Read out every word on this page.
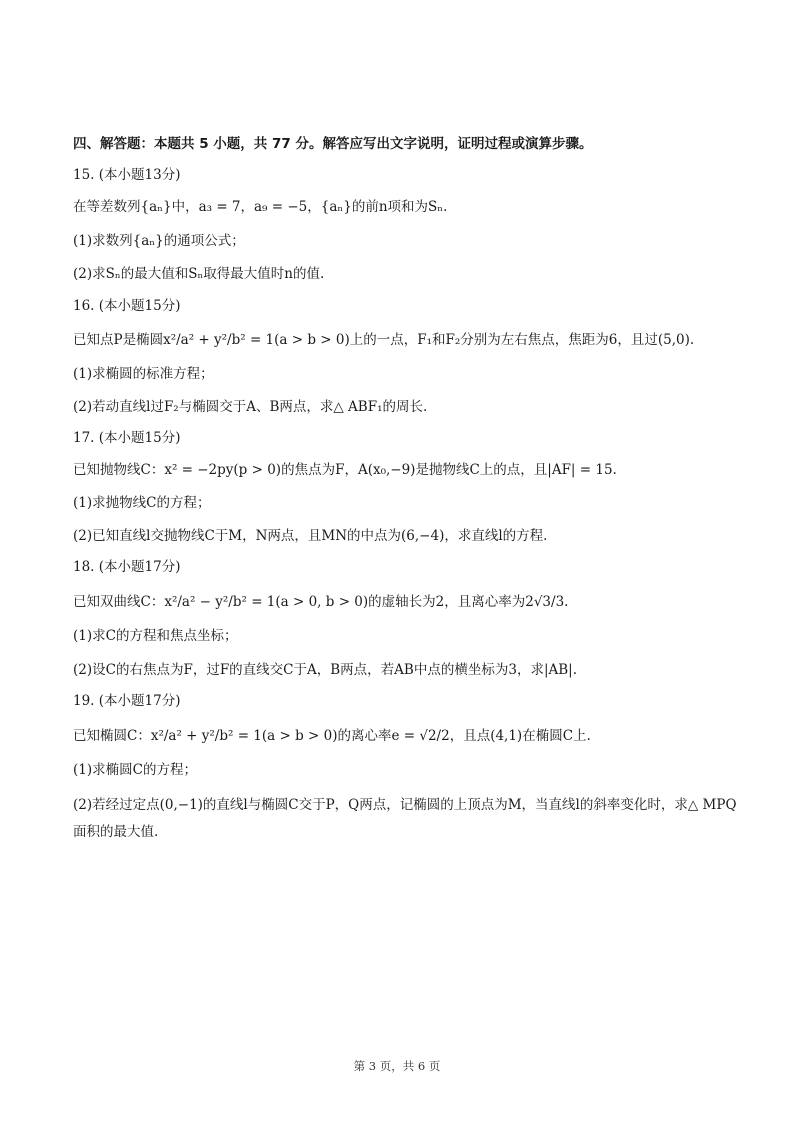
四、解答题：本题共 5 小题，共 77 分。解答应写出文字说明，证明过程或演算步骤。
15. (本小题13分)
在等差数列{aₙ}中，a₃ = 7，a₉ = −5，{aₙ}的前n项和为Sₙ.
(1)求数列{aₙ}的通项公式；
(2)求Sₙ的最大值和Sₙ取得最大值时n的值.
16. (本小题15分)
已知点P是椭圆x²/a² + y²/b² = 1(a > b > 0)上的一点，F₁和F₂分别为左右焦点，焦距为6，且过(5,0).
(1)求椭圆的标准方程；
(2)若动直线l过F₂与椭圆交于A、B两点，求△ ABF₁的周长.
17. (本小题15分)
已知抛物线C：x² = −2py(p > 0)的焦点为F，A(x₀,−9)是抛物线C上的点，且|AF| = 15.
(1)求抛物线C的方程；
(2)已知直线l交抛物线C于M，N两点，且MN的中点为(6,−4)，求直线l的方程.
18. (本小题17分)
已知双曲线C：x²/a² − y²/b² = 1(a > 0, b > 0)的虚轴长为2，且离心率为2√3/3.
(1)求C的方程和焦点坐标；
(2)设C的右焦点为F，过F的直线交C于A，B两点，若AB中点的横坐标为3，求|AB|.
19. (本小题17分)
已知椭圆C：x²/a² + y²/b² = 1(a > b > 0)的离心率e = √2/2，且点(4,1)在椭圆C上.
(1)求椭圆C的方程；
(2)若经过定点(0,−1)的直线l与椭圆C交于P，Q两点，记椭圆的上顶点为M，当直线l的斜率变化时，求△ MPQ
面积的最大值.
第 3 页，共 6 页
